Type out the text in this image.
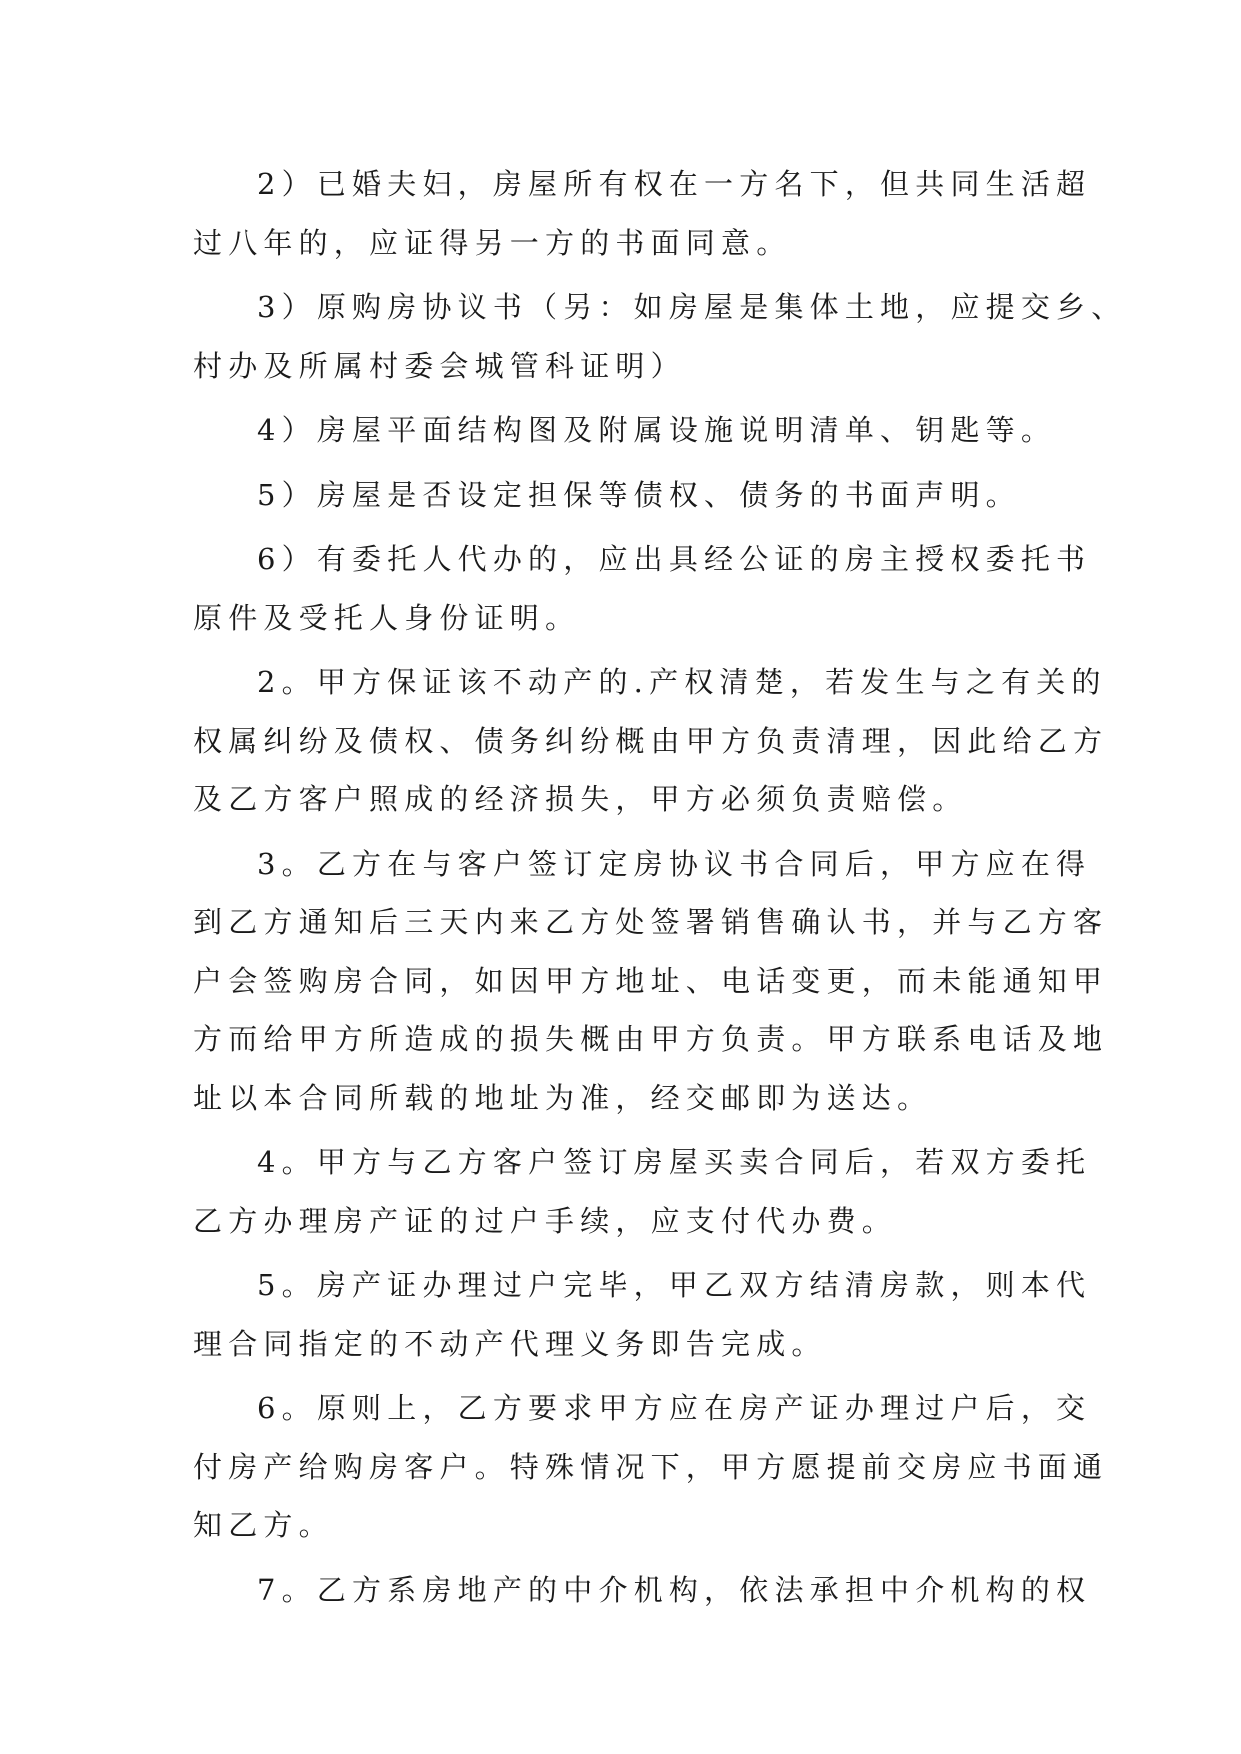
2）已婚夫妇，房屋所有权在一方名下，但共同生活超
过八年的，应证得另一方的书面同意。
3）原购房协议书（另：如房屋是集体土地，应提交乡、
村办及所属村委会城管科证明）
4）房屋平面结构图及附属设施说明清单、钥匙等。
5）房屋是否设定担保等债权、债务的书面声明。
6）有委托人代办的，应出具经公证的房主授权委托书
原件及受托人身份证明。
2。甲方保证该不动产的.产权清楚，若发生与之有关的
权属纠纷及债权、债务纠纷概由甲方负责清理，因此给乙方
及乙方客户照成的经济损失，甲方必须负责赔偿。
3。乙方在与客户签订定房协议书合同后，甲方应在得
到乙方通知后三天内来乙方处签署销售确认书，并与乙方客
户会签购房合同，如因甲方地址、电话变更，而未能通知甲
方而给甲方所造成的损失概由甲方负责。甲方联系电话及地
址以本合同所载的地址为准，经交邮即为送达。
4。甲方与乙方客户签订房屋买卖合同后，若双方委托
乙方办理房产证的过户手续，应支付代办费。
5。房产证办理过户完毕，甲乙双方结清房款，则本代
理合同指定的不动产代理义务即告完成。
6。原则上，乙方要求甲方应在房产证办理过户后，交
付房产给购房客户。特殊情况下，甲方愿提前交房应书面通
知乙方。
7。乙方系房地产的中介机构，依法承担中介机构的权
